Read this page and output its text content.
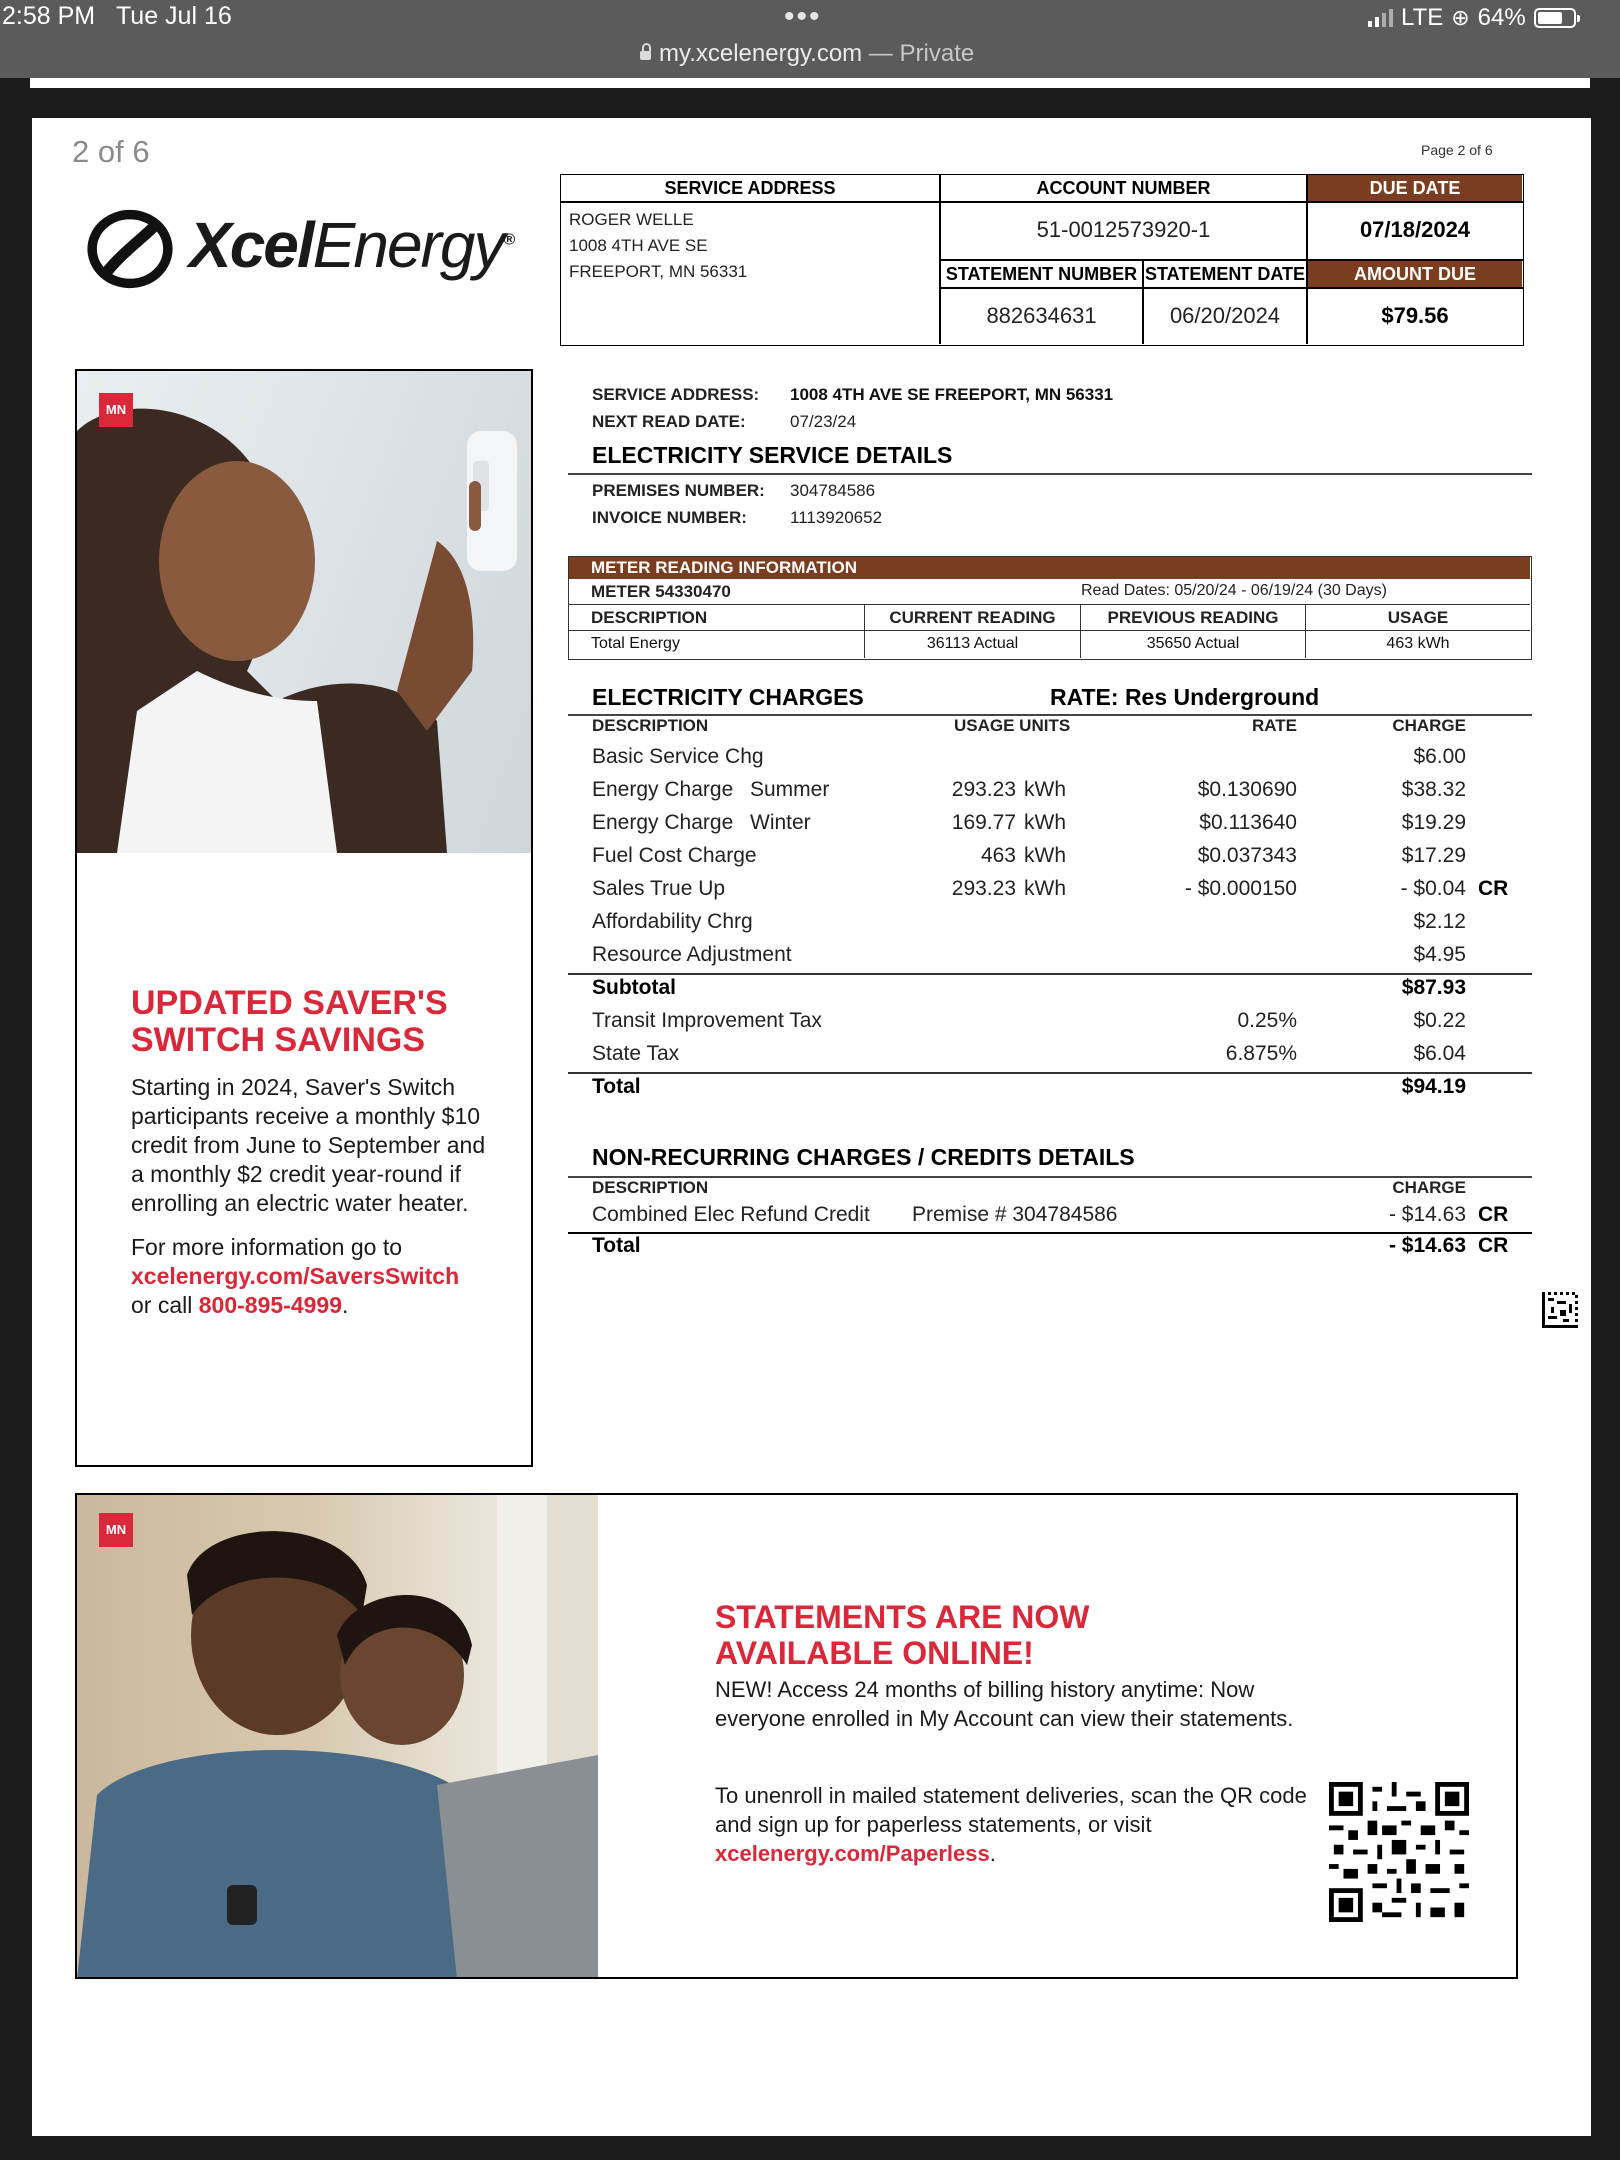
2:58 PM Tue Jul 16	•••
my.xcelenergy.com — Private
LTE ⊕ 64%
2 of 6	Page 2 of 6
XcelEnergy®
SERVICE ADDRESS
ROGER WELLE
1008 4TH AVE SE
FREEPORT, MN 56331
ACCOUNT NUMBER
51-0012573920-1
DUE DATE
07/18/2024
STATEMENT NUMBER
882634631
STATEMENT DATE
06/20/2024
AMOUNT DUE
$79.56
MN
UPDATED SAVER'S SWITCH SAVINGS
Starting in 2024, Saver's Switch participants receive a monthly $10 credit from June to September and a monthly $2 credit year-round if enrolling an electric water heater.
For more information go to
xcelenergy.com/SaversSwitch
or call 800-895-4999.
SERVICE ADDRESS: 1008 4TH AVE SE FREEPORT, MN 56331
NEXT READ DATE:	07/23/24
ELECTRICITY SERVICE DETAILS
PREMISES NUMBER: 304784586
INVOICE NUMBER:	1113920652
METER READING INFORMATION
METER 54330470	Read Dates: 05/20/24 - 06/19/24 (30 Days)
DESCRIPTION	CURRENT READING	PREVIOUS READING	USAGE
Total Energy	36113 Actual	35650 Actual	463 kWh
ELECTRICITY CHARGES	RATE: Res Underground
DESCRIPTION	USAGE UNITS	RATE	CHARGE
Basic Service Chg	$6.00
Energy Charge Summer	293.23 kWh	$0.130690	$38.32
Energy Charge Winter	169.77 kWh	$0.113640	$19.29
Fuel Cost Charge	463 kWh	$0.037343	$17.29
Sales True Up	293.23 kWh	- $0.000150	- $0.04 CR
Affordability Chrg	$2.12
Resource Adjustment	$4.95
Subtotal	$87.93
Transit Improvement Tax	0.25%	$0.22
State Tax	6.875%	$6.04
Total	$94.19
NON-RECURRING CHARGES / CREDITS DETAILS
DESCRIPTION	CHARGE
Combined Elec Refund Credit Premise # 304784586	- $14.63 CR
Total	- $14.63 CR
MN
STATEMENTS ARE NOW AVAILABLE ONLINE!
NEW! Access 24 months of billing history anytime: Now everyone enrolled in My Account can view their statements.
To unenroll in mailed statement deliveries, scan the QR code and sign up for paperless statements, or visit xcelenergy.com/Paperless.
